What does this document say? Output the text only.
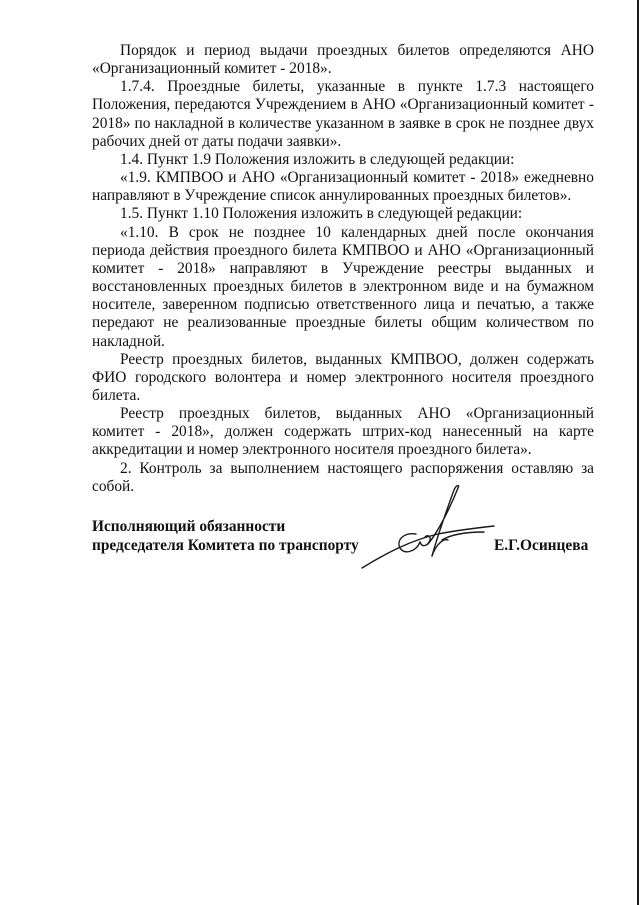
Порядок и период выдачи проездных билетов определяются АНО «Организационный комитет - 2018».

1.7.4. Проездные билеты, указанные в пункте 1.7.3 настоящего Положения, передаются Учреждением в АНО «Организационный комитет - 2018» по накладной в количестве указанном в заявке в срок не позднее двух рабочих дней от даты подачи заявки».

1.4. Пункт 1.9 Положения изложить в следующей редакции:

«1.9. КМПВОО и АНО «Организационный комитет - 2018» ежедневно направляют в Учреждение список аннулированных проездных билетов».

1.5. Пункт 1.10 Положения изложить в следующей редакции:

«1.10. В срок не позднее 10 календарных дней после окончания периода действия проездного билета КМПВОО и АНО «Организационный комитет - 2018» направляют в Учреждение реестры выданных и восстановленных проездных билетов в электронном виде и на бумажном носителе, заверенном подписью ответственного лица и печатью, а также передают не реализованные проездные билеты общим количеством по накладной.

Реестр проездных билетов, выданных КМПВОО, должен содержать ФИО городского волонтера и номер электронного носителя проездного билета.

Реестр проездных билетов, выданных АНО «Организационный комитет - 2018», должен содержать штрих-код нанесенный на карте аккредитации и номер электронного носителя проездного билета».

2. Контроль за выполнением настоящего распоряжения оставляю за собой.

Исполняющий обязанности
председателя Комитета по транспорту	Е.Г.Осинцева
